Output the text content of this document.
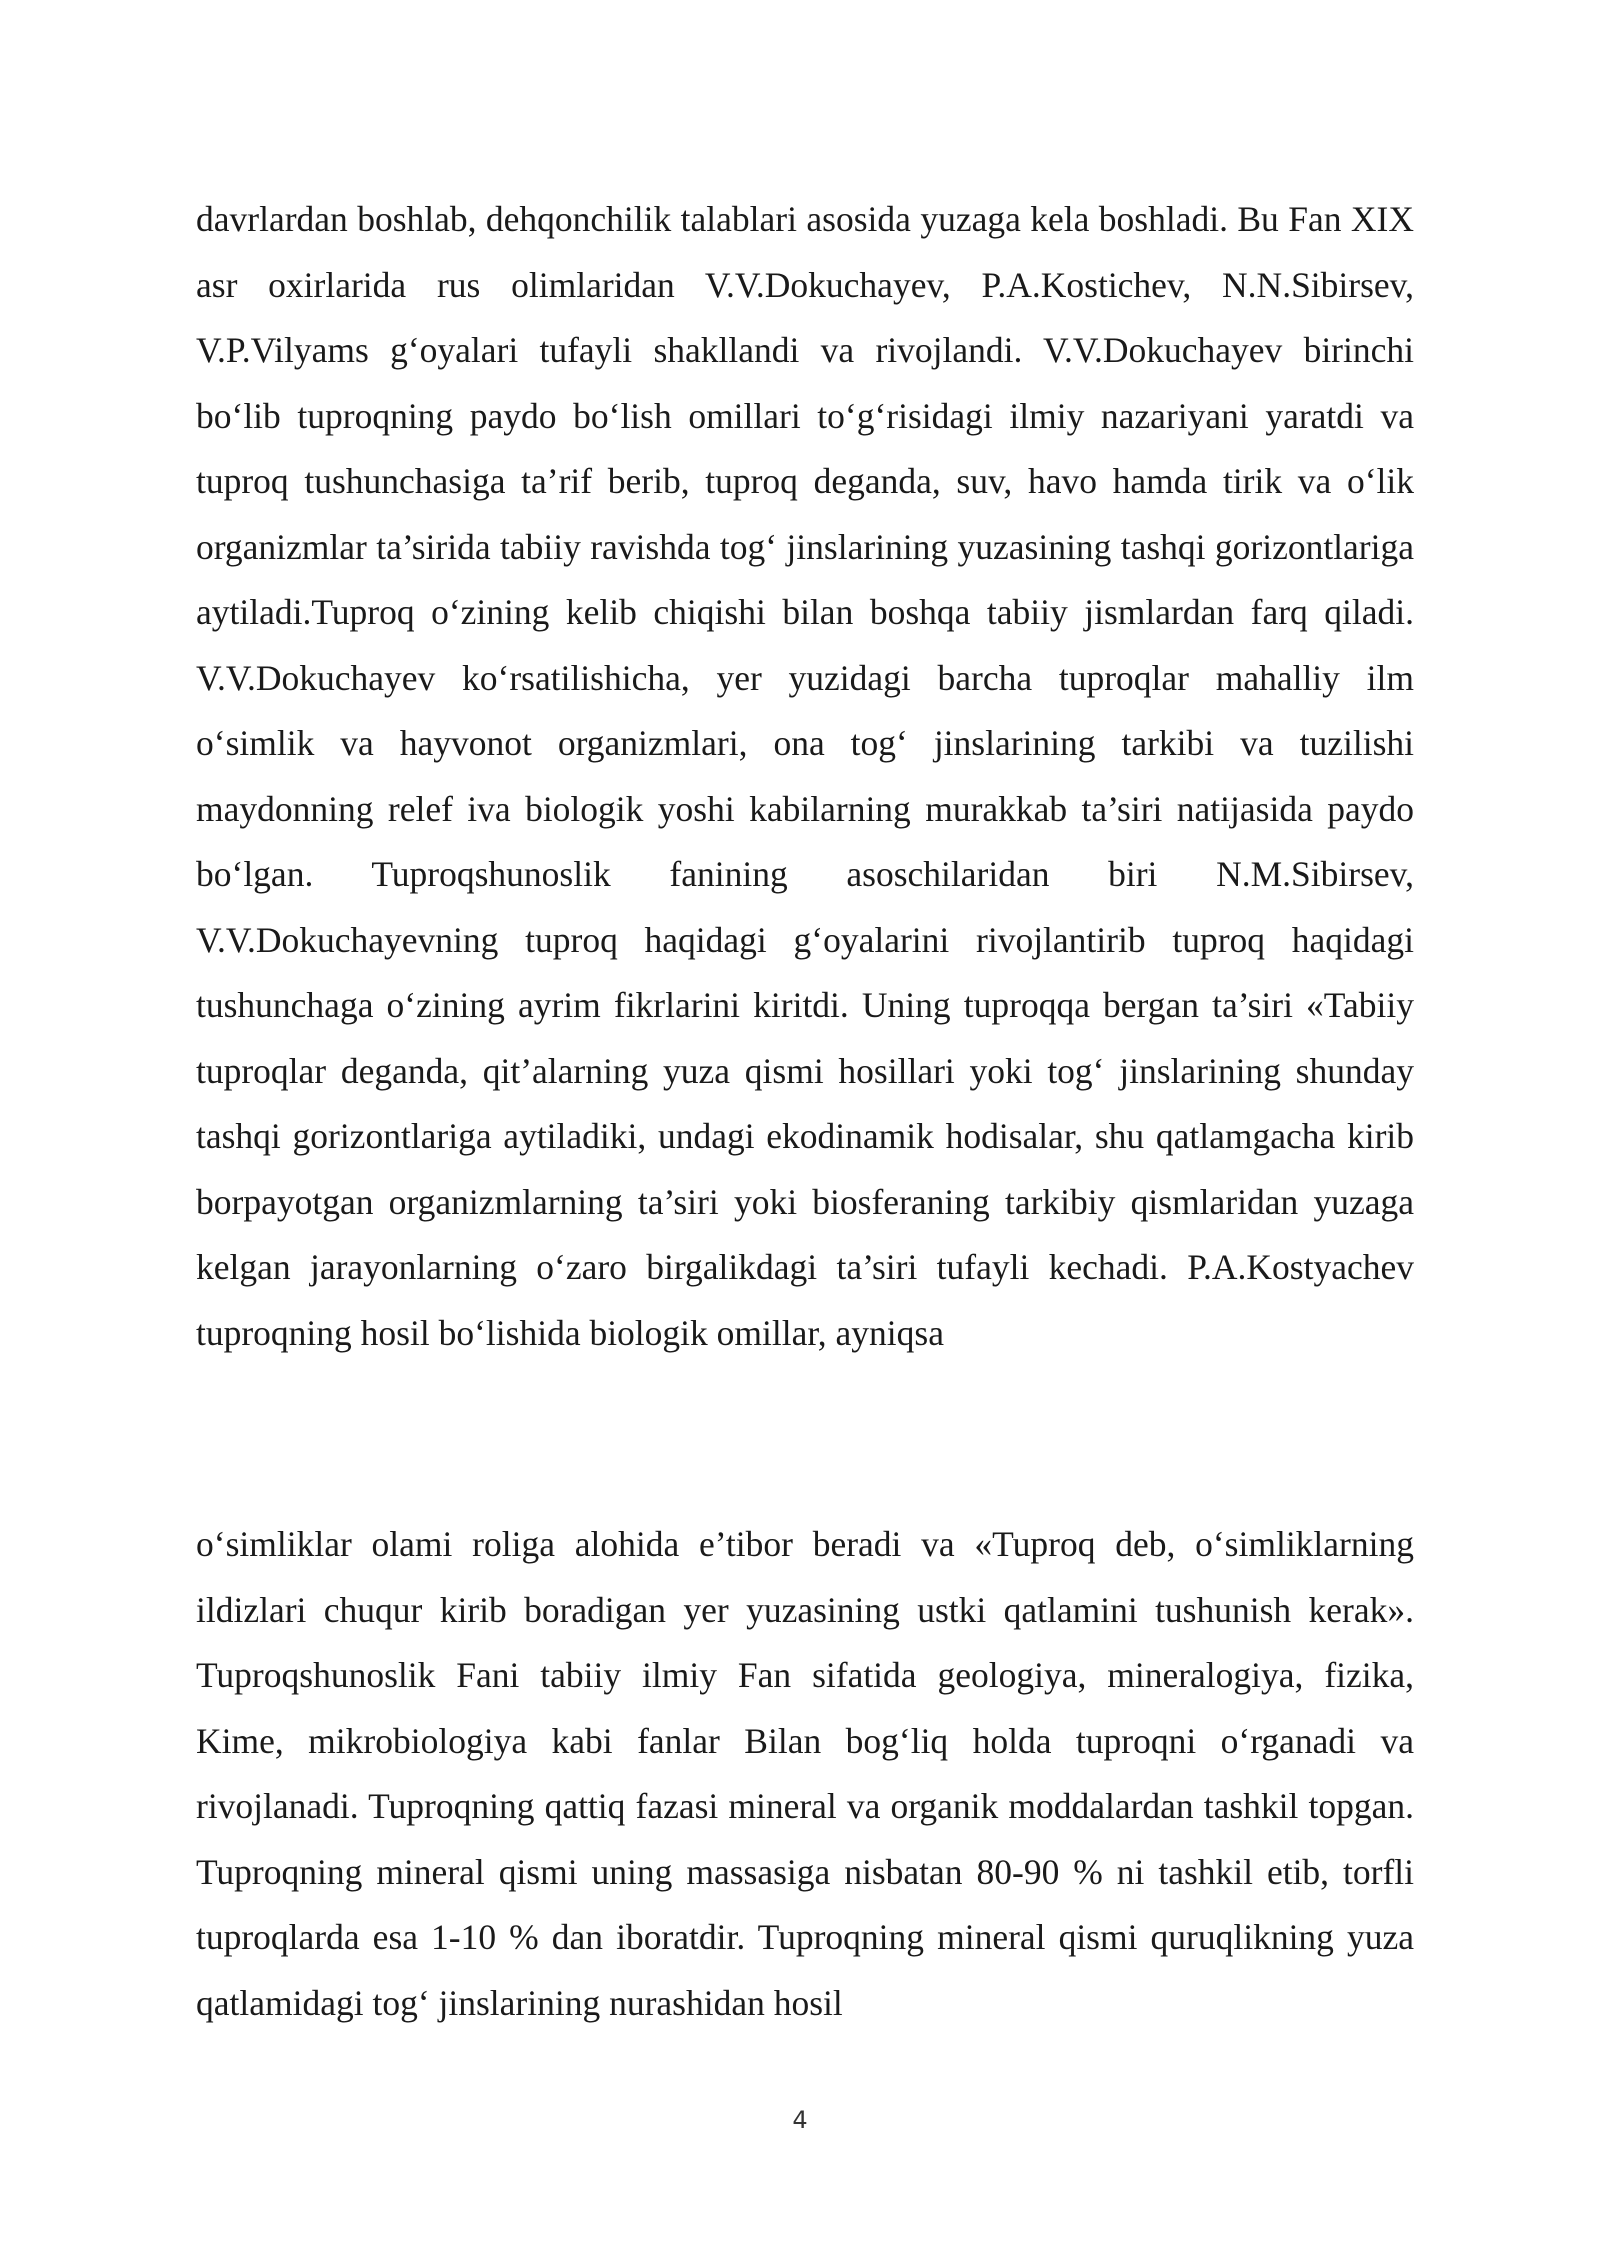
davrlardan boshlab, dehqonchilik talablari asosida yuzaga kela boshladi. Bu Fan XIX asr oxirlarida rus olimlaridan V.V.Dokuchayev, P.A.Kostichev, N.N.Sibirsev, V.P.Vilyams g‘oyalari tufayli shakllandi va rivojlandi. V.V.Dokuchayev birinchi bo‘lib tuproqning paydo bo‘lish omillari to‘g‘risidagi ilmiy nazariyani yaratdi va tuproq tushunchasiga ta’rif berib, tuproq deganda, suv, havo hamda tirik va o‘lik organizmlar ta’sirida tabiiy ravishda tog‘ jinslarining yuzasining tashqi gorizontlariga aytiladi.Tuproq o‘zining kelib chiqishi bilan boshqa tabiiy jismlardan farq qiladi. V.V.Dokuchayev ko‘rsatilishicha, yer yuzidagi barcha tuproqlar mahalliy ilm o‘simlik va hayvonot organizmlari, ona tog‘ jinslarining tarkibi va tuzilishi maydonning relef iva biologik yoshi kabilarning murakkab ta’siri natijasida paydo bo‘lgan. Tuproqshunoslik fanining asoschilaridan biri N.M.Sibirsev, V.V.Dokuchayevning tuproq haqidagi g‘oyalarini rivojlantirib tuproq haqidagi tushunchaga o‘zining ayrim fikrlarini kiritdi. Uning tuproqqa bergan ta’siri «Tabiiy tuproqlar deganda, qit’alarning yuza qismi hosillari yoki tog‘ jinslarining shunday tashqi gorizontlariga aytiladiki, undagi ekodinamik hodisalar, shu qatlamgacha kirib borpayotgan organizmlarning ta’siri yoki biosferaning tarkibiy qismlaridan yuzaga kelgan jarayonlarning o‘zaro birgalikdagi ta’siri tufayli kechadi. P.A.Kostyachev tuproqning hosil bo‘lishida biologik omillar, ayniqsa

o‘simliklar olami roliga alohida e’tibor beradi va «Tuproq deb, o‘simliklarning ildizlari chuqur kirib boradigan yer yuzasining ustki qatlamini tushunish kerak». Tuproqshunoslik Fani tabiiy ilmiy Fan sifatida geologiya, mineralogiya, fizika, Kime, mikrobiologiya kabi fanlar Bilan bog‘liq holda tuproqni o‘rganadi va rivojlanadi. Tuproqning qattiq fazasi mineral va organik moddalardan tashkil topgan. Tuproqning mineral qismi uning massasiga nisbatan 80-90 % ni tashkil etib, torfli tuproqlarda esa 1-10 % dan iboratdir. Tuproqning mineral qismi quruqlikning yuza qatlamidagi tog‘ jinslarining nurashidan hosil

4
